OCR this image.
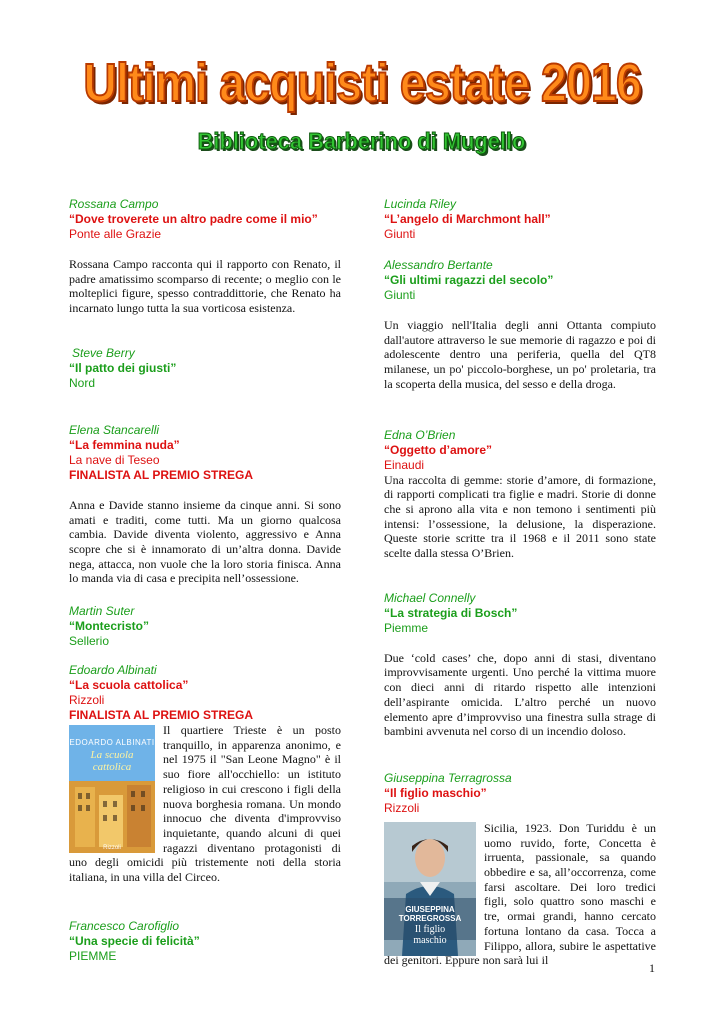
Ultimi acquisti estate 2016
Biblioteca Barberino di Mugello
Rossana Campo
“Dove troverete un altro padre come il mio”
Ponte alle Grazie

Rossana Campo racconta qui il rapporto con Renato, il padre amatissimo scomparso di recente; o meglio con le molteplici figure, spesso contraddittorie, che Renato ha incarnato lungo tutta la sua vorticosa esistenza.

Steve Berry
“Il patto dei giusti”
Nord
Elena Stancarelli
“La femmina nuda”
La nave di Teseo
FINALISTA AL PREMIO STREGA

Anna e Davide stanno insieme da cinque anni. Si sono amati e traditi, come tutti. Ma un giorno qualcosa cambia. Davide diventa violento, aggressivo e Anna scopre che si è innamorato di un’altra donna. Davide nega, attacca, non vuole che la loro storia finisca. Anna lo manda via di casa e precipita nell’ossessione.

Martin Suter
“Montecristo”
Sellerio
Edoardo Albinati
“La scuola cattolica”
Rizzoli
FINALISTA AL PREMIO STREGA
EDOARDO ALBINATI
La scuola cattolica
Rizzoli

Il quartiere Trieste è un posto tranquillo, in apparenza anonimo, e nel 1975 il "San Leone Magno" è il suo fiore all'occhiello: un istituto religioso in cui crescono i figli della nuova borghesia romana. Un mondo innocuo che diventa d'improvviso inquietante, quando alcuni di quei ragazzi diventano protagonisti di uno degli omicidi più tristemente noti della storia italiana, in una villa del Circeo.

Francesco Carofiglio
“Una specie di felicità”
PIEMME
Lucinda Riley
“L’angelo di Marchmont hall”
Giunti
Alessandro Bertante
“Gli ultimi ragazzi del secolo”
Giunti

Un viaggio nell'Italia degli anni Ottanta compiuto dall'autore attraverso le sue memorie di ragazzo e poi di adolescente dentro una periferia, quella del QT8 milanese, un po' piccolo-borghese, un po' proletaria, tra la scoperta della musica, del sesso e della droga.

Edna O’Brien
“Oggetto d’amore”
Einaudi

Una raccolta di gemme: storie d’amore, di formazione, di rapporti complicati tra figlie e madri. Storie di donne che si aprono alla vita e non temono i sentimenti più intensi: l’ossessione, la delusione, la disperazione. Queste storie scritte tra il 1968 e il 2011 sono state scelte dalla stessa O’Brien.

Michael Connelly
“La strategia di Bosch”
Piemme

Due ‘cold cases’ che, dopo anni di stasi, diventano improvvisamente urgenti. Uno perché la vittima muore con dieci anni di ritardo rispetto alle intenzioni dell’aspirante omicida. L’altro perché un nuovo elemento apre d’improvviso una finestra sulla strage di bambini avvenuta nel corso di un incendio doloso.

Giuseppina Terragrossa
“Il figlio maschio”
Rizzoli
GIUSEPPINA TORREGROSSA
Il figlio maschio

Sicilia, 1923. Don Turiddu è un uomo ruvido, forte, Concetta è irruenta, passionale, sa quando obbedire e sa, all’occorrenza, come farsi ascoltare. Dei loro tredici figli, solo quattro sono maschi e tre, ormai grandi, hanno cercato fortuna lontano da casa. Tocca a Filippo, allora, subire le aspettative dei genitori. Eppure non sarà lui il

1
